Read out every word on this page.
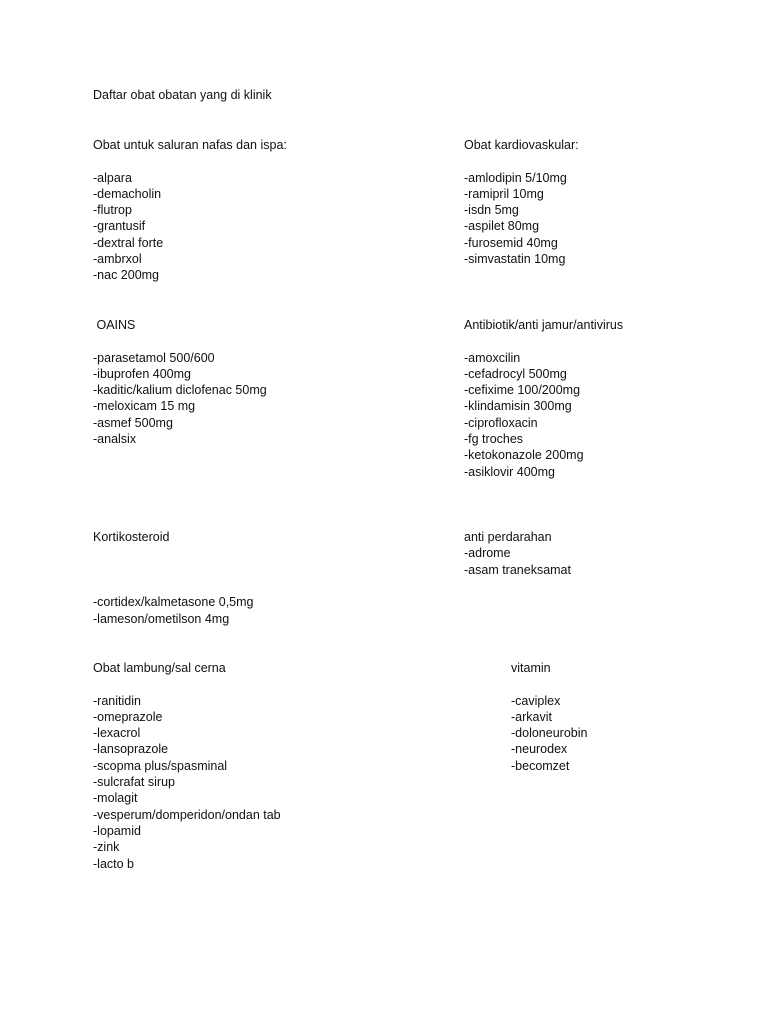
Daftar obat obatan yang di klinik
Obat untuk saluran nafas dan ispa:
-alpara
-demacholin
-flutrop
-grantusif
-dextral forte
-ambrxol
-nac 200mg
Obat kardiovaskular:
-amlodipin 5/10mg
-ramipril 10mg
-isdn 5mg
-aspilet 80mg
-furosemid 40mg
-simvastatin 10mg
OAINS
-parasetamol 500/600
-ibuprofen 400mg
-kaditic/kalium diclofenac 50mg
-meloxicam 15 mg
-asmef 500mg
-analsix
Antibiotik/anti jamur/antivirus
-amoxcilin
-cefadrocyl 500mg
-cefixime 100/200mg
-klindamisin 300mg
-ciprofloxacin
-fg troches
-ketokonazole 200mg
-asiklovir 400mg
Kortikosteroid
-cortidex/kalmetasone 0,5mg
-lameson/ometilson 4mg
anti perdarahan
-adrome
-asam traneksamat
Obat lambung/sal cerna
-ranitidin
-omeprazole
-lexacrol
-lansoprazole
-scopma plus/spasminal
-sulcrafat sirup
-molagit
-vesperum/domperidon/ondan tab
-lopamid
-zink
-lacto b
vitamin
-caviplex
-arkavit
-doloneurobin
-neurodex
-becomzet
